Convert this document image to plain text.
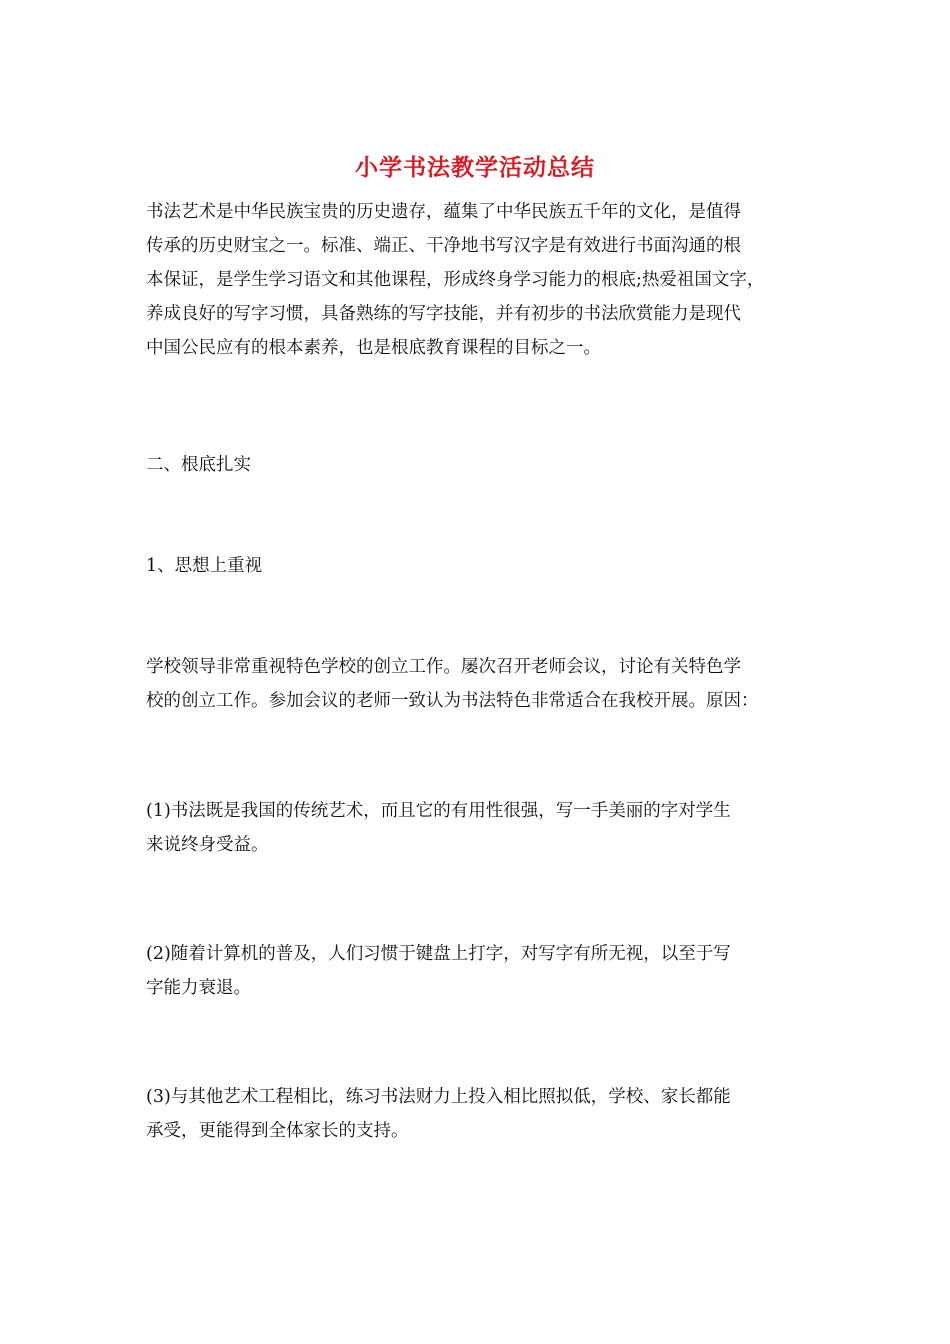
小学书法教学活动总结

书法艺术是中华民族宝贵的历史遗存，蕴集了中华民族五千年的文化，是值得
传承的历史财宝之一。标准、端正、干净地书写汉字是有效进行书面沟通的根
本保证，是学生学习语文和其他课程，形成终身学习能力的根底;热爱祖国文字，
养成良好的写字习惯，具备熟练的写字技能，并有初步的书法欣赏能力是现代
中国公民应有的根本素养，也是根底教育课程的目标之一。

二、根底扎实

1、思想上重视

学校领导非常重视特色学校的创立工作。屡次召开老师会议，讨论有关特色学
校的创立工作。参加会议的老师一致认为书法特色非常适合在我校开展。原因：

(1)书法既是我国的传统艺术，而且它的有用性很强，写一手美丽的字对学生
来说终身受益。

(2)随着计算机的普及，人们习惯于键盘上打字，对写字有所无视，以至于写
字能力衰退。

(3)与其他艺术工程相比，练习书法财力上投入相比照拟低，学校、家长都能
承受，更能得到全体家长的支持。
